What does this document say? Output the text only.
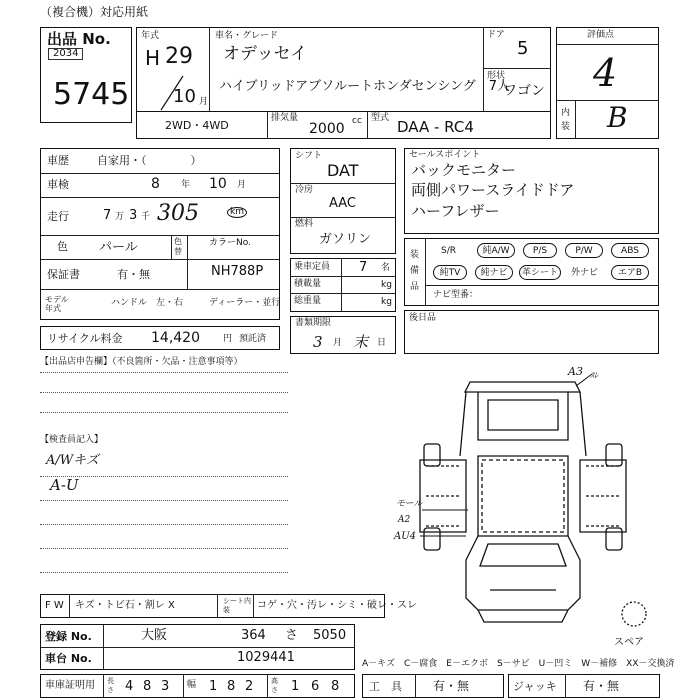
（複合機）対応用紙
出品 No.
2034
5745
年式
H 29
10 月
車名・グレード
オデッセイ
ハイブリッドアブソルートホンダセンシング　7人
ドア
5
形状
ワゴン
2WD・4WD
排気量
2000 cc 型式 DAA - RC4
評価点
4
内装 B
車歴	自家用・（　　　　）
車検	8 年 10 月
走行	7 万 3 千 305	km
色 パール	色替
カラーNo.
NH788P
保証書	有・無
モデル年式
ハンドル　左・右	ディーラー・並行
リサイクル料金 14,420	円 預託済
シフト
DAT
冷房
AAC
燃料
ガソリン
乗車定員 7 名
積載量	kg
総重量	kg
書類期限
3 月 末 日
セールスポイント
バックモニター
両側パワースライドドア
ハーフレザー
装備品
S/R	純A/W	P/S	P/W	ABS
純TV	純ナビ	革シート	外ナビ	エアB
ナビ型番：
後日品
【出品店申告欄】（不良箇所・欠品・注意事項等）
【検査員記入】
A/Wキズ
A-U
A3 ｽﾚ
モール
A2
AU4
スペア
F W キズ・トビ石・割レ X	シート内装	コゲ・穴・汚レ・シミ・破レ・スレ
登録 No.	大阪	364 さ 5050
車台 No.	1029441	A－キズ　C－腐食　E－エクボ　S－サビ　U－凹ミ　W－補修　XX－交換済
車庫証明用 長さ 4 8 3 幅 1 8 2	高さ 1 6 8	工　具	有・無	ジャッキ 有・無
